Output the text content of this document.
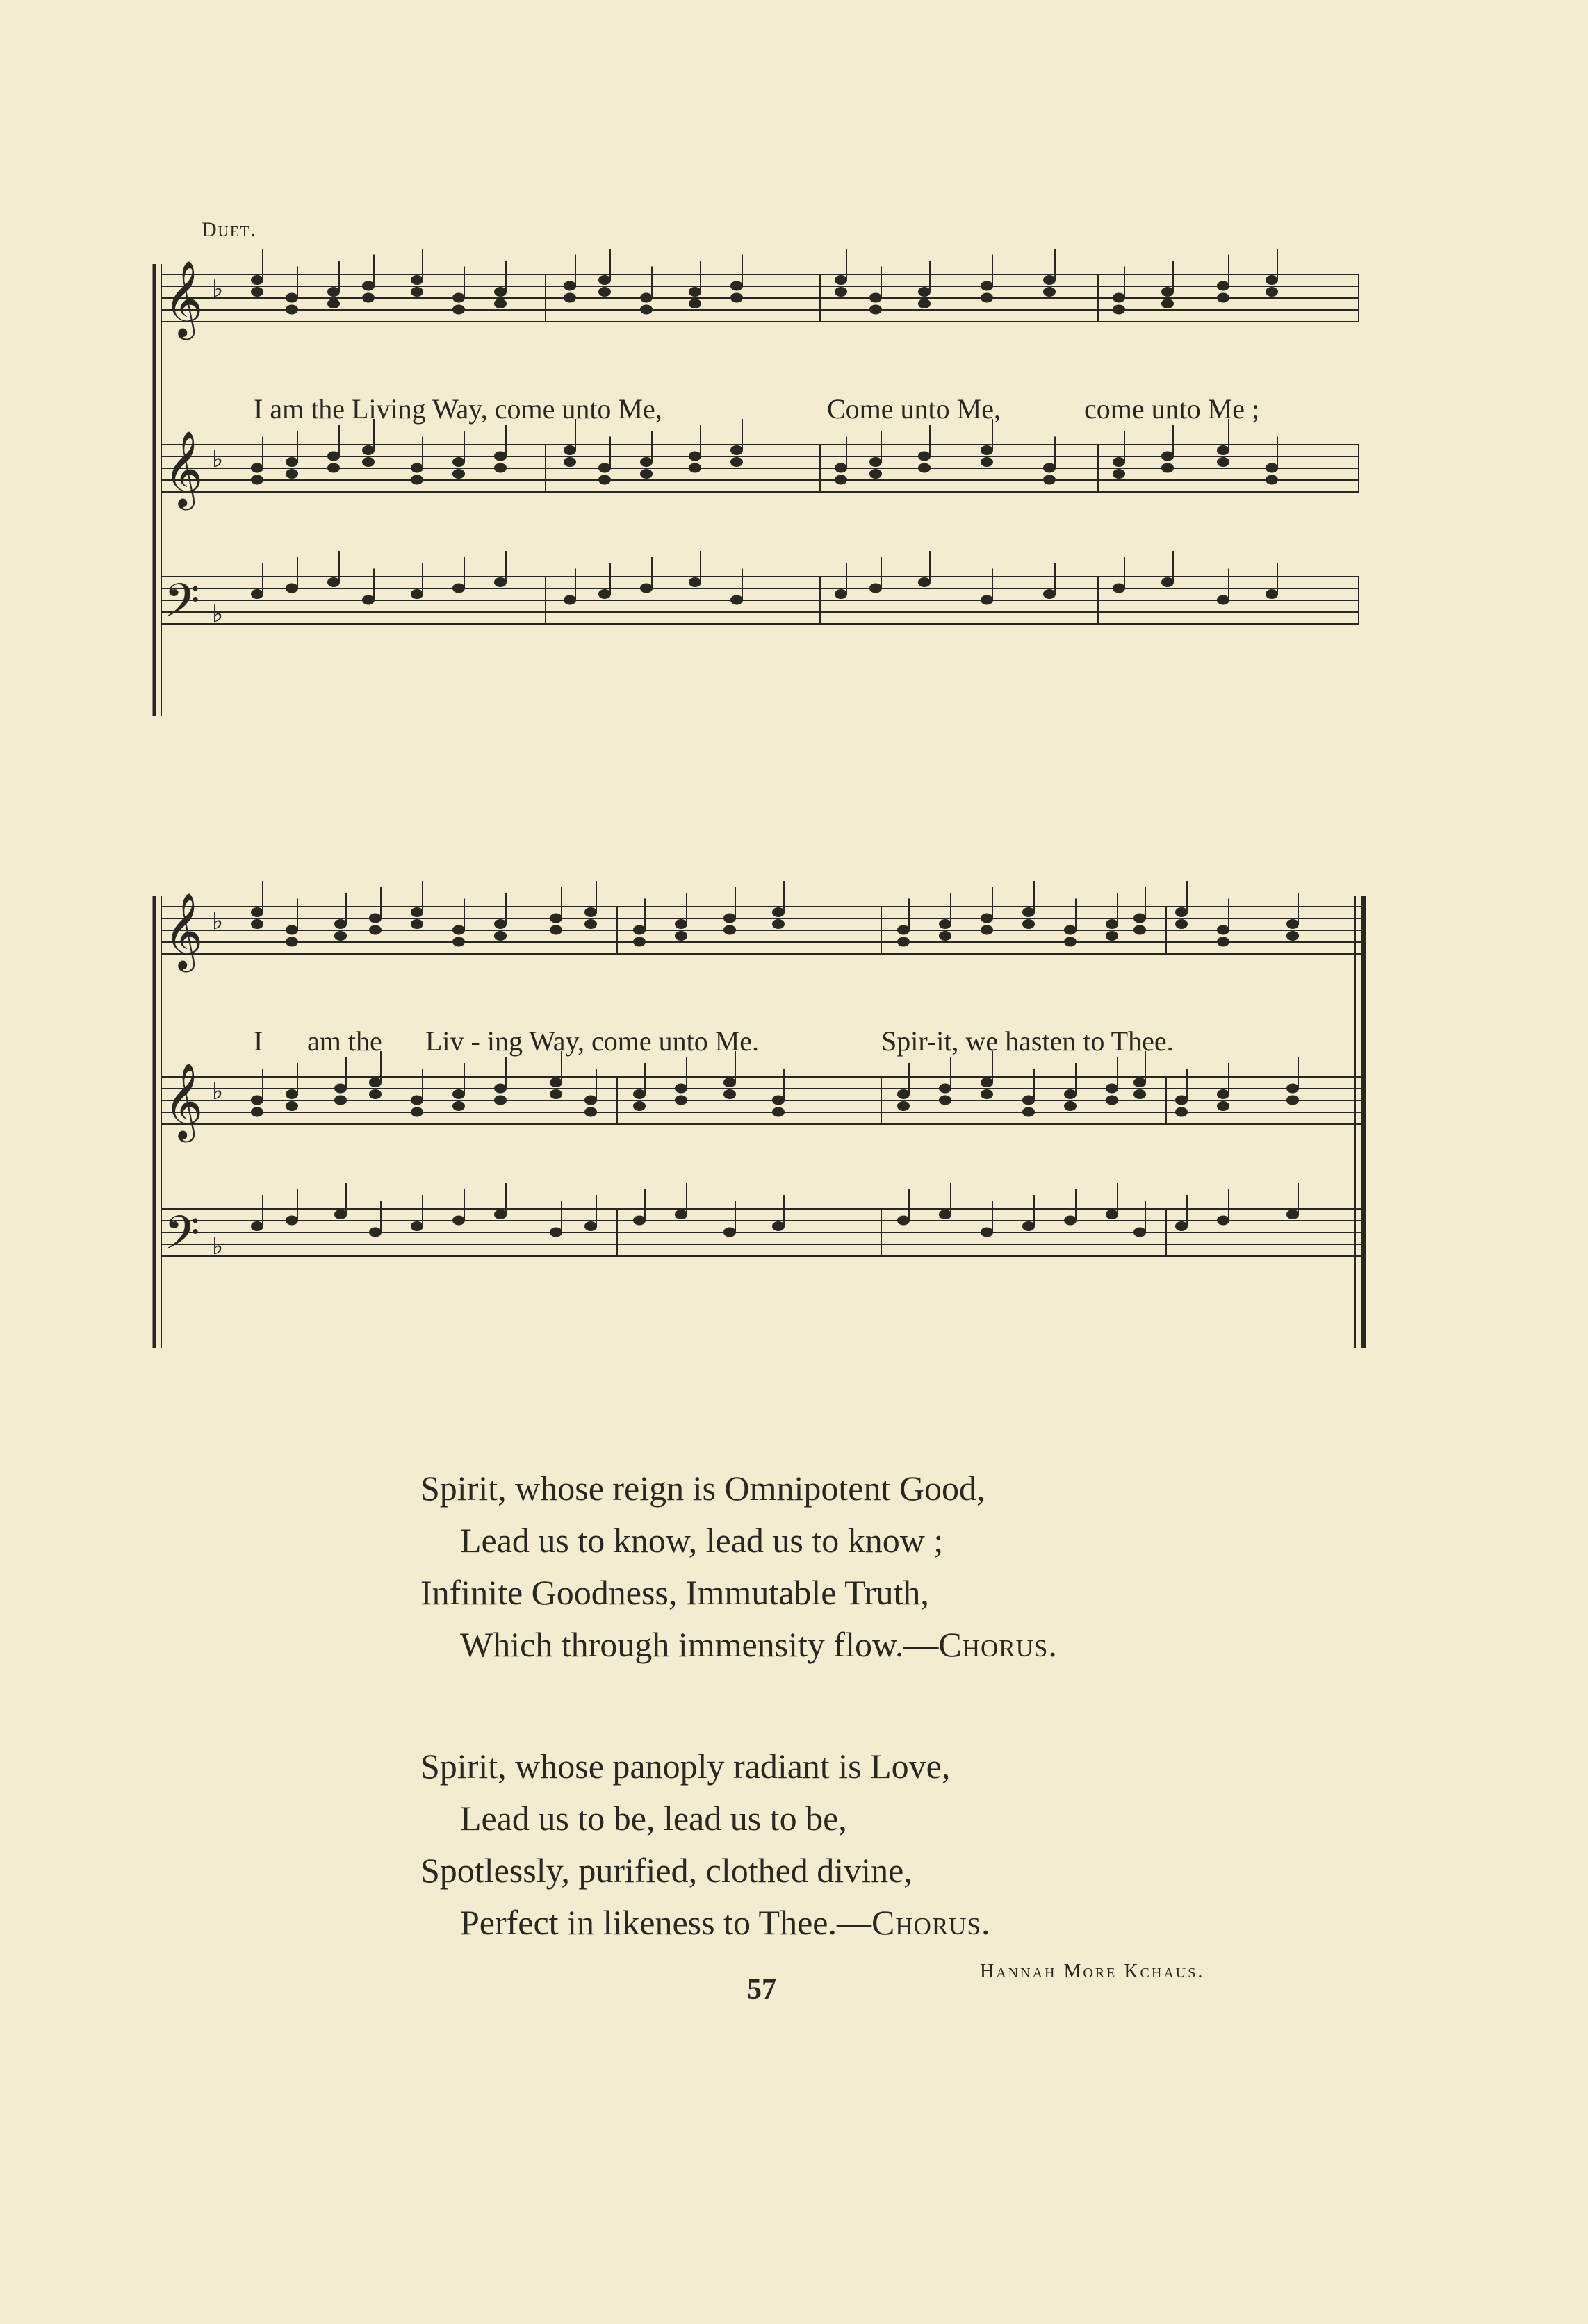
Duet.
𝄞 ♭
𝄞 ♭
𝄢 ♭
I am the Living Way, come unto Me,	Come unto Me,	come unto Me ;
𝄞 ♭
𝄞 ♭
𝄢 ♭
I am the Liv - ing Way, come unto Me.	Spir-it, we hasten to Thee.
Spirit, whose reign is Omnipotent Good,
Lead us to know, lead us to know ;
Infinite Goodness, Immutable Truth,
Which through immensity flow.—Chorus.
Spirit, whose panoply radiant is Love,
Lead us to be, lead us to be,
Spotlessly, purified, clothed divine,
Perfect in likeness to Thee.—Chorus.
Hannah More Kchaus.
57
